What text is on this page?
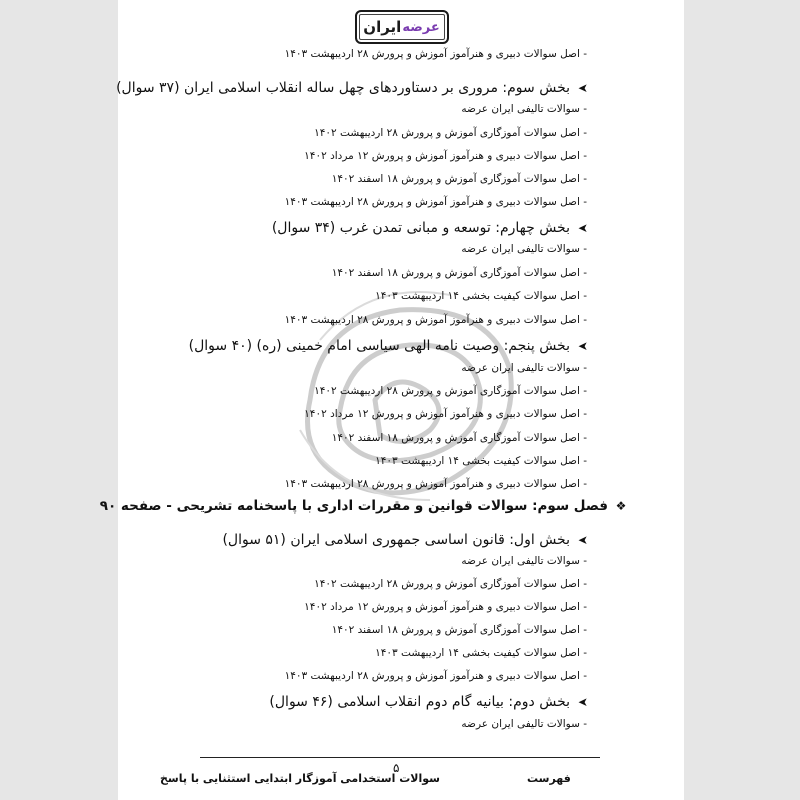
عرضه
ایران
۵
سوالات استخدامی آموزگار ابتدایی استثنایی با پاسخ	فهرست
- اصل سوالات دبیری و هنرآموز آموزش و پرورش ۲۸ اردیبهشت ۱۴۰۳
➤بخش سوم: مروری بر دستاوردهای چهل ساله انقلاب اسلامی ایران (۳۷ سوال)
- سوالات تالیفی ایران عرضه
- اصل سوالات آموزگاری آموزش و پرورش ۲۸ اردیبهشت ۱۴۰۲
- اصل سوالات دبیری و هنرآموز آموزش و پرورش ۱۲ مرداد ۱۴۰۲
- اصل سوالات آموزگاری آموزش و پرورش ۱۸ اسفند ۱۴۰۲
- اصل سوالات دبیری و هنرآموز آموزش و پرورش ۲۸ اردیبهشت ۱۴۰۳
➤بخش چهارم: توسعه و مبانی تمدن غرب (۳۴ سوال)
- سوالات تالیفی ایران عرضه
- اصل سوالات آموزگاری آموزش و پرورش ۱۸ اسفند ۱۴۰۲
- اصل سوالات کیفیت بخشی ۱۴ اردیبهشت ۱۴۰۳
- اصل سوالات دبیری و هنرآموز آموزش و پرورش ۲۸ اردیبهشت ۱۴۰۳
➤بخش پنجم: وصیت نامه الهی سیاسی امام خمینی (ره) (۴۰ سوال)
- سوالات تالیفی ایران عرضه
- اصل سوالات آموزگاری آموزش و پرورش ۲۸ اردیبهشت ۱۴۰۲
- اصل سوالات دبیری و هنرآموز آموزش و پرورش ۱۲ مرداد ۱۴۰۲
- اصل سوالات آموزگاری آموزش و پرورش ۱۸ اسفند ۱۴۰۲
- اصل سوالات کیفیت بخشی ۱۴ اردیبهشت ۱۴۰۳
- اصل سوالات دبیری و هنرآموز آموزش و پرورش ۲۸ اردیبهشت ۱۴۰۳
❖فصل سوم: سوالات قوانین و مقررات اداری با پاسخنامه تشریحی - صفحه ۹۰
➤بخش اول: قانون اساسی جمهوری اسلامی ایران (۵۱ سوال)
- سوالات تالیفی ایران عرضه
- اصل سوالات آموزگاری آموزش و پرورش ۲۸ اردیبهشت ۱۴۰۲
- اصل سوالات دبیری و هنرآموز آموزش و پرورش ۱۲ مرداد ۱۴۰۲
- اصل سوالات آموزگاری آموزش و پرورش ۱۸ اسفند ۱۴۰۲
- اصل سوالات کیفیت بخشی ۱۴ اردیبهشت ۱۴۰۳
- اصل سوالات دبیری و هنرآموز آموزش و پرورش ۲۸ اردیبهشت ۱۴۰۳
➤بخش دوم: بیانیه گام دوم انقلاب اسلامی (۴۶ سوال)
- سوالات تالیفی ایران عرضه
